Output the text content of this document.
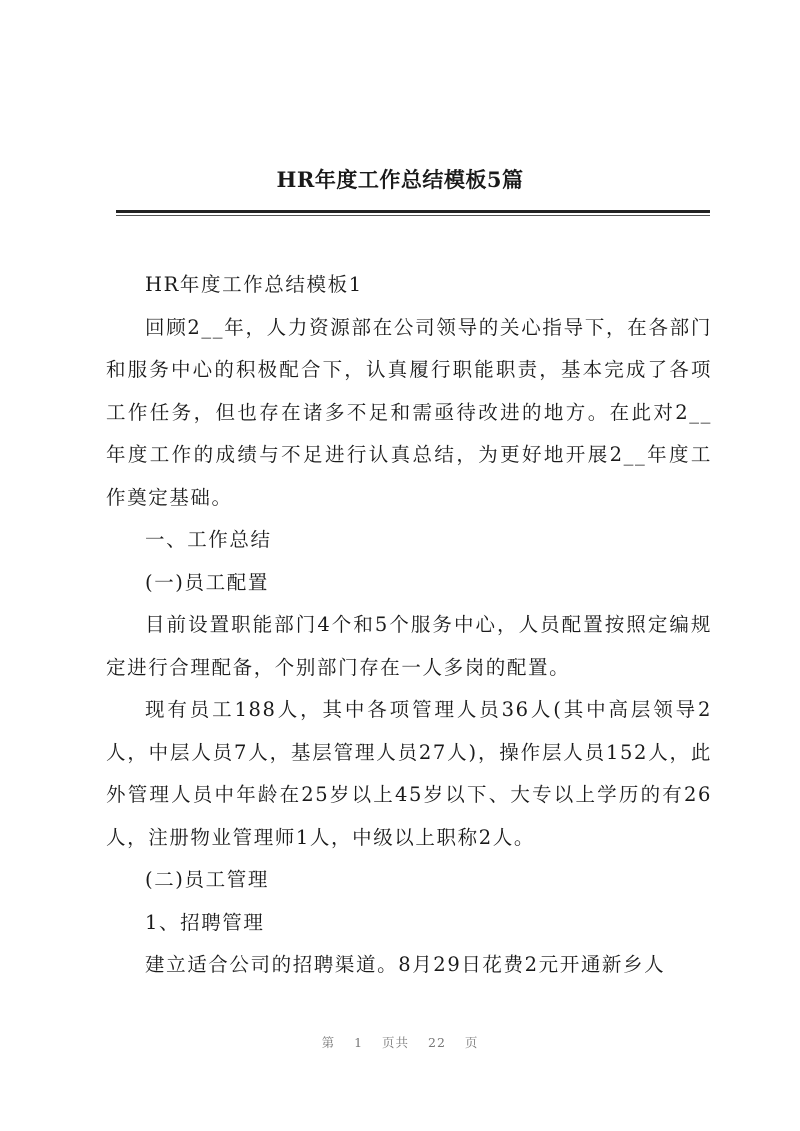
HR年度工作总结模板5篇

HR年度工作总结模板1

回顾2__年，人力资源部在公司领导的关心指导下，在各部门和服务中心的积极配合下，认真履行职能职责，基本完成了各项工作任务，但也存在诸多不足和需亟待改进的地方。在此对2__年度工作的成绩与不足进行认真总结，为更好地开展2__年度工作奠定基础。

一、工作总结

(一)员工配置

目前设置职能部门4个和5个服务中心，人员配置按照定编规定进行合理配备，个别部门存在一人多岗的配置。

现有员工188人，其中各项管理人员36人(其中高层领导2人，中层人员7人，基层管理人员27人)，操作层人员152人，此外管理人员中年龄在25岁以上45岁以下、大专以上学历的有26人，注册物业管理师1人，中级以上职称2人。

(二)员工管理

1、招聘管理

建立适合公司的招聘渠道。8月29日花费2元开通新乡人

第 1 页共 22 页
